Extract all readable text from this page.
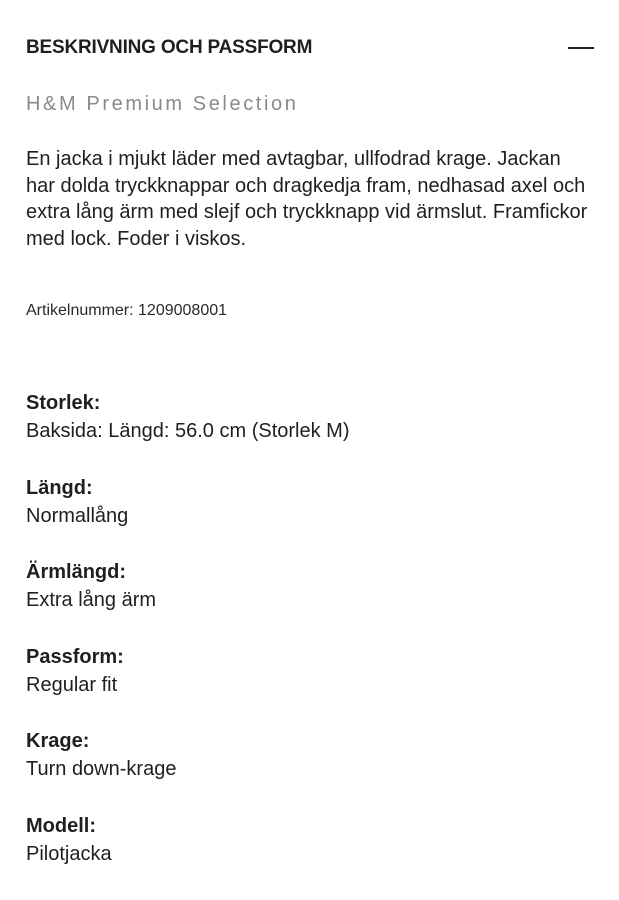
BESKRIVNING OCH PASSFORM
H&M Premium Selection

En jacka i mjukt läder med avtagbar, ullfodrad krage. Jackan har dolda tryckknappar och dragkedja fram, nedhasad axel och extra lång ärm med slejf och tryckknapp vid ärmslut. Framfickor med lock. Foder i viskos.

Artikelnummer: 1209008001
Storlek:
Baksida: Längd: 56.0 cm (Storlek M)
Längd:
Normallång
Ärmlängd:
Extra lång ärm
Passform:
Regular fit
Krage:
Turn down-krage
Modell:
Pilotjacka
